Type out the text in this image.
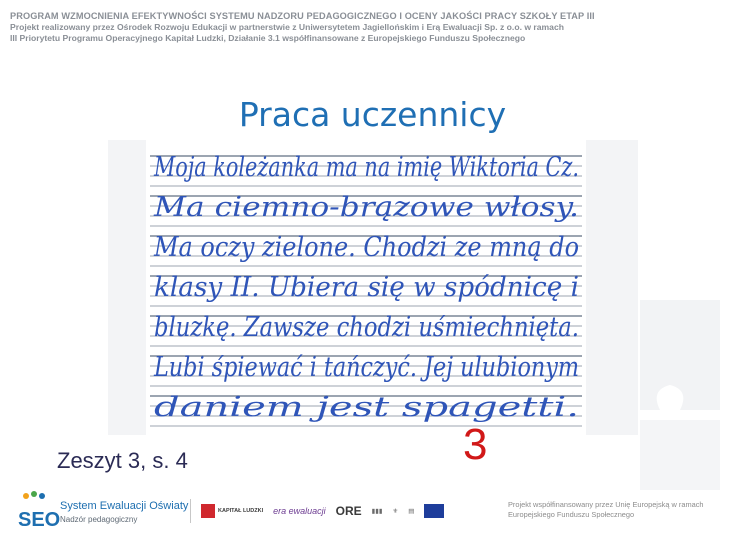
PROGRAM WZMOCNIENIA EFEKTYWNOŚCI SYSTEMU NADZORU PEDAGOGICZNEGO I OCENY JAKOŚCI PRACY SZKOŁY ETAP III
Projekt realizowany przez Ośrodek Rozwoju Edukacji w partnerstwie z Uniwersytetem Jagiellońskim i Erą Ewaluacji Sp. z o.o. w ramach
III Priorytetu Programu Operacyjnego Kapitał Ludzki, Działanie 3.1 współfinansowane z Europejskiego Funduszu Społecznego
Praca uczennicy
Moja koleżanka ma na imię Wiktoria Cz.
Ma ciemno-brązowe włosy.
Ma oczy zielone. Chodzi ze mną do
klasy II. Ubiera się w spódnicę i
bluzkę. Zawsze chodzi uśmiechnięta.
Lubi śpiewać i tańczyć. Jej ulubionym
daniem jest spagetti.
Zeszyt 3, s. 4	3
SEO
System Ewaluacji Oświaty
Nadzór pedagogiczny
KAPITAŁ LUDZKI era ewaluacji ORE ▮▮▮ ⚜ ▤
Projekt współfinansowany przez Unię Europejską w ramach Europejskiego Funduszu Społecznego
